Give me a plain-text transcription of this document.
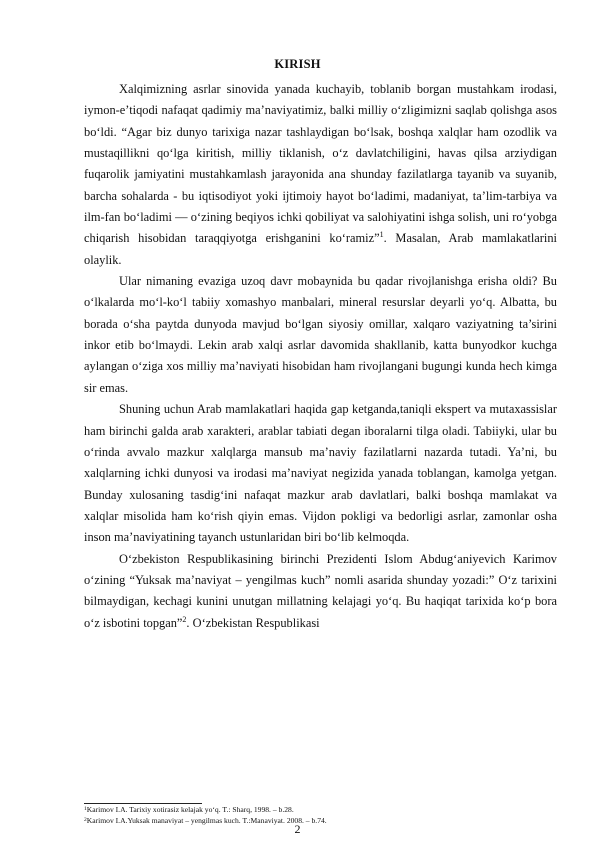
KIRISH

Xalqimizning asrlar sinovida yanada kuchayib, toblanib borgan mustahkam irodasi, iymon-e’tiqodi nafaqat qadimiy ma’naviyatimiz, balki milliy o‘zligimizni saqlab qolishga asos bo‘ldi. “Agar biz dunyo tarixiga nazar tashlaydigan bo‘lsak, boshqa xalqlar ham ozodlik va mustaqillikni qo‘lga kiritish, milliy tiklanish, o‘z davlatchiligini, havas qilsa arziydigan fuqarolik jamiyatini mustahkamlash jarayonida ana shunday fazilatlarga tayanib va suyanib, barcha sohalarda - bu iqtisodiyot yoki ijtimoiy hayot bo‘ladimi, madaniyat, ta’lim-tarbiya va ilm-fan bo‘ladimi — o‘zining beqiyos ichki qobiliyat va salohiyatini ishga solish, uni ro‘yobga chiqarish hisobidan taraqqiyotga erishganini ko‘ramiz”$^1$. Masalan, Arab mamlakatlarini olaylik.

Ular nimaning evaziga uzoq davr mobaynida bu qadar rivojlanishga erisha oldi? Bu o‘lkalarda mo‘l-ko‘l tabiiy xomashyo manbalari, mineral resurslar deyarli yo‘q. Albatta, bu borada o‘sha paytda dunyoda mavjud bo‘lgan siyosiy omillar, xalqaro vaziyatning ta’sirini inkor etib bo‘lmaydi. Lekin arab xalqi asrlar davomida shakllanib, katta bunyodkor kuchga aylangan o‘ziga xos milliy ma’naviyati hisobidan ham rivojlangani bugungi kunda hech kimga sir emas.

Shuning uchun Arab mamlakatlari haqida gap ketganda,taniqli ekspert va mutaxassislar ham birinchi galda arab xarakteri, arablar tabiati degan iboralarni tilga oladi. Tabiiyki, ular bu o‘rinda avvalo mazkur xalqlarga mansub ma’naviy fazilatlarni nazarda tutadi. Ya’ni, bu xalqlarning ichki dunyosi va irodasi ma’naviyat negizida yanada toblangan, kamolga yetgan. Bunday xulosaning tasdig‘ini nafaqat mazkur arab davlatlari, balki boshqa mamlakat va xalqlar misolida ham ko‘rish qiyin emas. Vijdon pokligi va bedorligi asrlar, zamonlar osha inson ma’naviyatining tayanch ustunlaridan biri bo‘lib kelmoqda.

O‘zbekiston Respublikasining birinchi Prezidenti Islom Abdug‘aniyevich Karimov o‘zining “Yuksak ma’naviyat – yengilmas kuch” nomli asarida shunday yozadi:” O‘z tarixini bilmaydigan, kechagi kunini unutgan millatning kelajagi yo‘q. Bu haqiqat tarixida ko‘p bora o‘z isbotini topgan”$^2$. O‘zbekistan Respublikasi

$^1$Karimov I.A. Tarixiy xotirasiz kelajak yo‘q. T.: Sharq, 1998. – b.28.
$^2$Karimov I.A.Yuksak manaviyat – yengilmas kuch. T.:Manaviyat. 2008. – b.74.
2
